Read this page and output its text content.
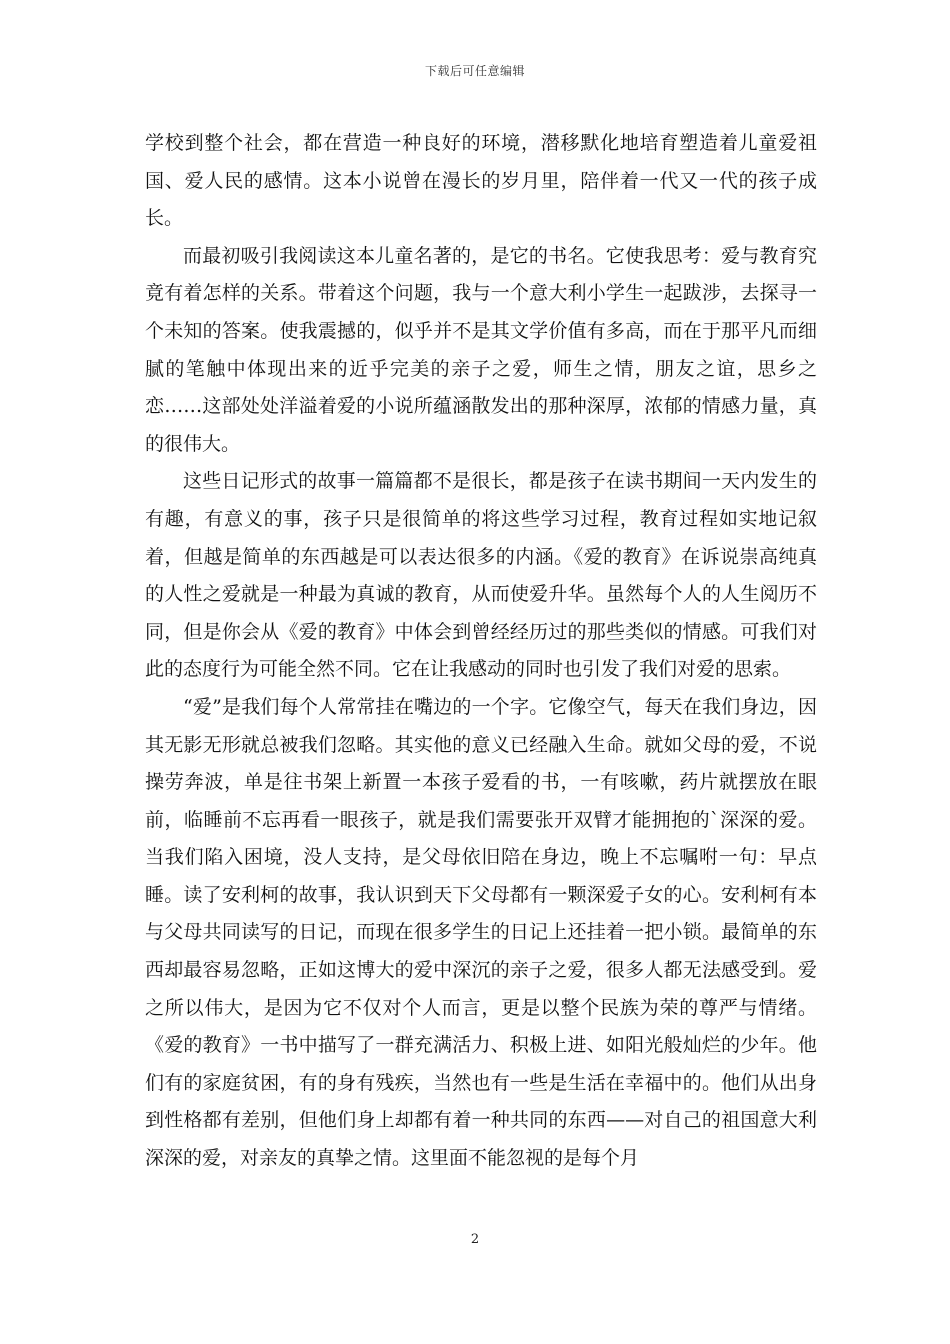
下载后可任意编辑

学校到整个社会，都在营造一种良好的环境，潜移默化地培育塑造着儿童爱祖国、爱人民的感情。这本小说曾在漫长的岁月里，陪伴着一代又一代的孩子成长。

而最初吸引我阅读这本儿童名著的，是它的书名。它使我思考：爱与教育究竟有着怎样的关系。带着这个问题，我与一个意大利小学生一起跋涉，去探寻一个未知的答案。使我震撼的，似乎并不是其文学价值有多高，而在于那平凡而细腻的笔触中体现出来的近乎完美的亲子之爱，师生之情，朋友之谊，思乡之恋……这部处处洋溢着爱的小说所蕴涵散发出的那种深厚，浓郁的情感力量，真的很伟大。

这些日记形式的故事一篇篇都不是很长，都是孩子在读书期间一天内发生的有趣，有意义的事，孩子只是很简单的将这些学习过程，教育过程如实地记叙着，但越是简单的东西越是可以表达很多的内涵。《爱的教育》在诉说崇高纯真的人性之爱就是一种最为真诚的教育，从而使爱升华。虽然每个人的人生阅历不同，但是你会从《爱的教育》中体会到曾经经历过的那些类似的情感。可我们对此的态度行为可能全然不同。它在让我感动的同时也引发了我们对爱的思索。

“爱”是我们每个人常常挂在嘴边的一个字。它像空气，每天在我们身边，因其无影无形就总被我们忽略。其实他的意义已经融入生命。就如父母的爱，不说操劳奔波，单是往书架上新置一本孩子爱看的书，一有咳嗽，药片就摆放在眼前，临睡前不忘再看一眼孩子，就是我们需要张开双臂才能拥抱的`深深的爱。当我们陷入困境，没人支持，是父母依旧陪在身边，晚上不忘嘱咐一句：早点睡。读了安利柯的故事，我认识到天下父母都有一颗深爱子女的心。安利柯有本与父母共同读写的日记，而现在很多学生的日记上还挂着一把小锁。最简单的东西却最容易忽略，正如这博大的爱中深沉的亲子之爱，很多人都无法感受到。爱之所以伟大，是因为它不仅对个人而言，更是以整个民族为荣的尊严与情绪。《爱的教育》一书中描写了一群充满活力、积极上进、如阳光般灿烂的少年。他们有的家庭贫困，有的身有残疾，当然也有一些是生活在幸福中的。他们从出身到性格都有差别，但他们身上却都有着一种共同的东西——对自己的祖国意大利深深的爱，对亲友的真挚之情。这里面不能忽视的是每个月

2
